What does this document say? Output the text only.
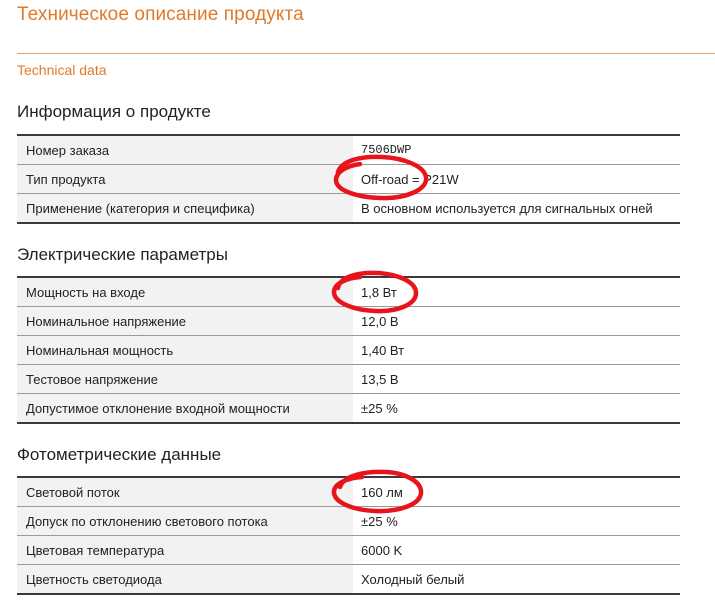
Техническое описание продукта
Technical data
Информация о продукте
Номер заказа	7506DWP
Тип продукта	Off-road = P21W
Применение (категория и специфика)	В основном используется для сигнальных огней
Электрические параметры
Мощность на входе	1,8 Вт
Номинальное напряжение	12,0 В
Номинальная мощность	1,40 Вт
Тестовое напряжение	13,5 В
Допустимое отклонение входной мощности	±25 %
Фотометрические данные
Световой поток	160 лм
Допуск по отклонению светового потока	±25 %
Цветовая температура	6000 K
Цветность светодиода	Холодный белый
